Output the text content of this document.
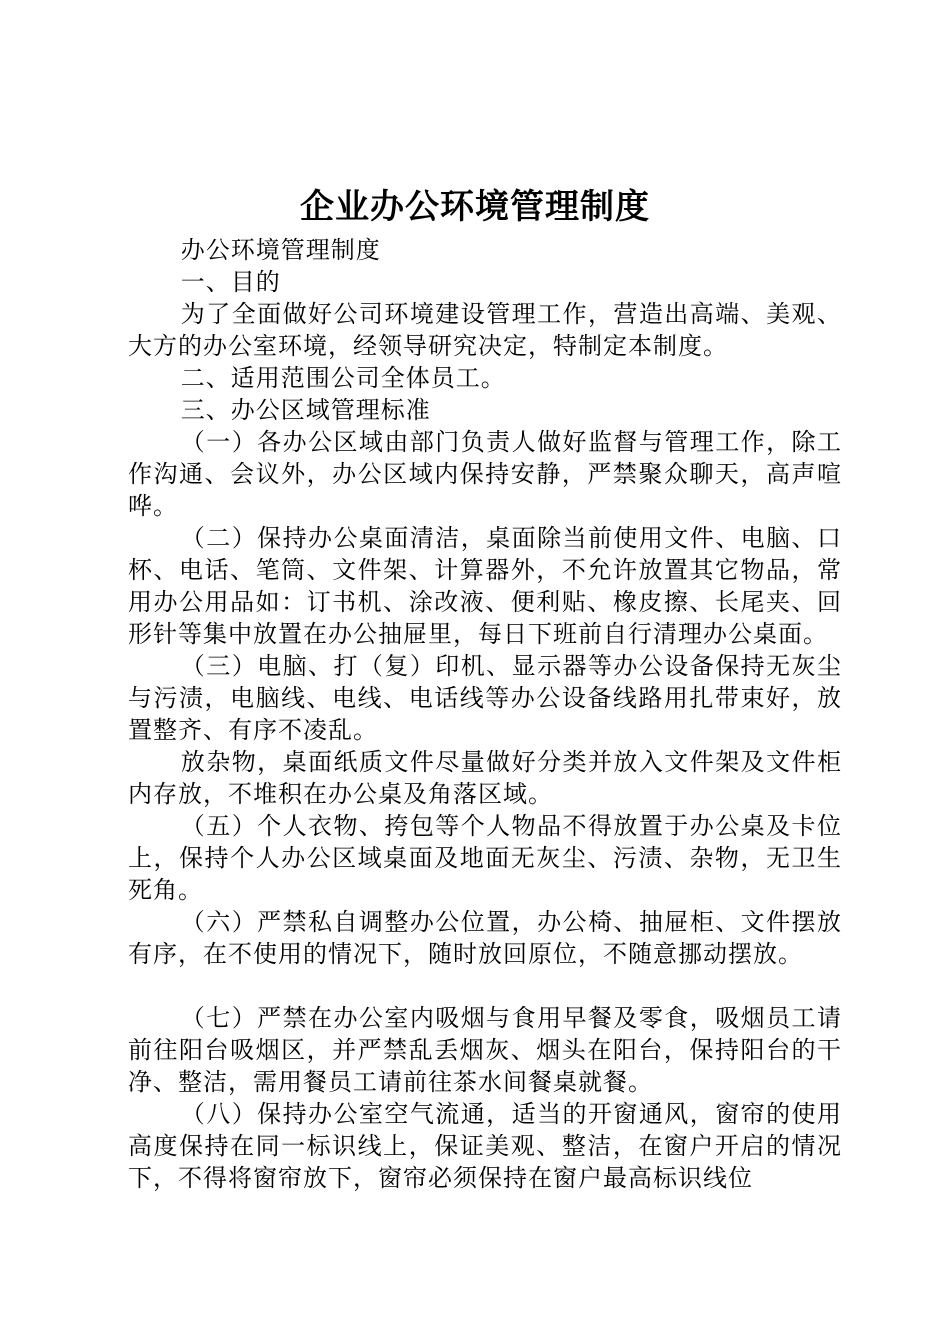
企业办公环境管理制度

办公环境管理制度

一、目的

为了全面做好公司环境建设管理工作，营造出高端、美观、大方的办公室环境，经领导研究决定，特制定本制度。

二、适用范围公司全体员工。

三、办公区域管理标准

（一）各办公区域由部门负责人做好监督与管理工作，除工作沟通、会议外，办公区域内保持安静，严禁聚众聊天，高声喧哗。

（二）保持办公桌面清洁，桌面除当前使用文件、电脑、口杯、电话、笔筒、文件架、计算器外，不允许放置其它物品，常用办公用品如：订书机、涂改液、便利贴、橡皮擦、长尾夹、回形针等集中放置在办公抽屉里，每日下班前自行清理办公桌面。

（三）电脑、打（复）印机、显示器等办公设备保持无灰尘与污渍，电脑线、电线、电话线等办公设备线路用扎带束好，放置整齐、有序不凌乱。

放杂物，桌面纸质文件尽量做好分类并放入文件架及文件柜内存放，不堆积在办公桌及角落区域。

（五）个人衣物、挎包等个人物品不得放置于办公桌及卡位上，保持个人办公区域桌面及地面无灰尘、污渍、杂物，无卫生死角。

（六）严禁私自调整办公位置，办公椅、抽屉柜、文件摆放有序，在不使用的情况下，随时放回原位，不随意挪动摆放。

（七）严禁在办公室内吸烟与食用早餐及零食，吸烟员工请前往阳台吸烟区，并严禁乱丢烟灰、烟头在阳台，保持阳台的干净、整洁，需用餐员工请前往茶水间餐桌就餐。

（八）保持办公室空气流通，适当的开窗通风，窗帘的使用高度保持在同一标识线上，保证美观、整洁，在窗户开启的情况下，不得将窗帘放下，窗帘必须保持在窗户最高标识线位
